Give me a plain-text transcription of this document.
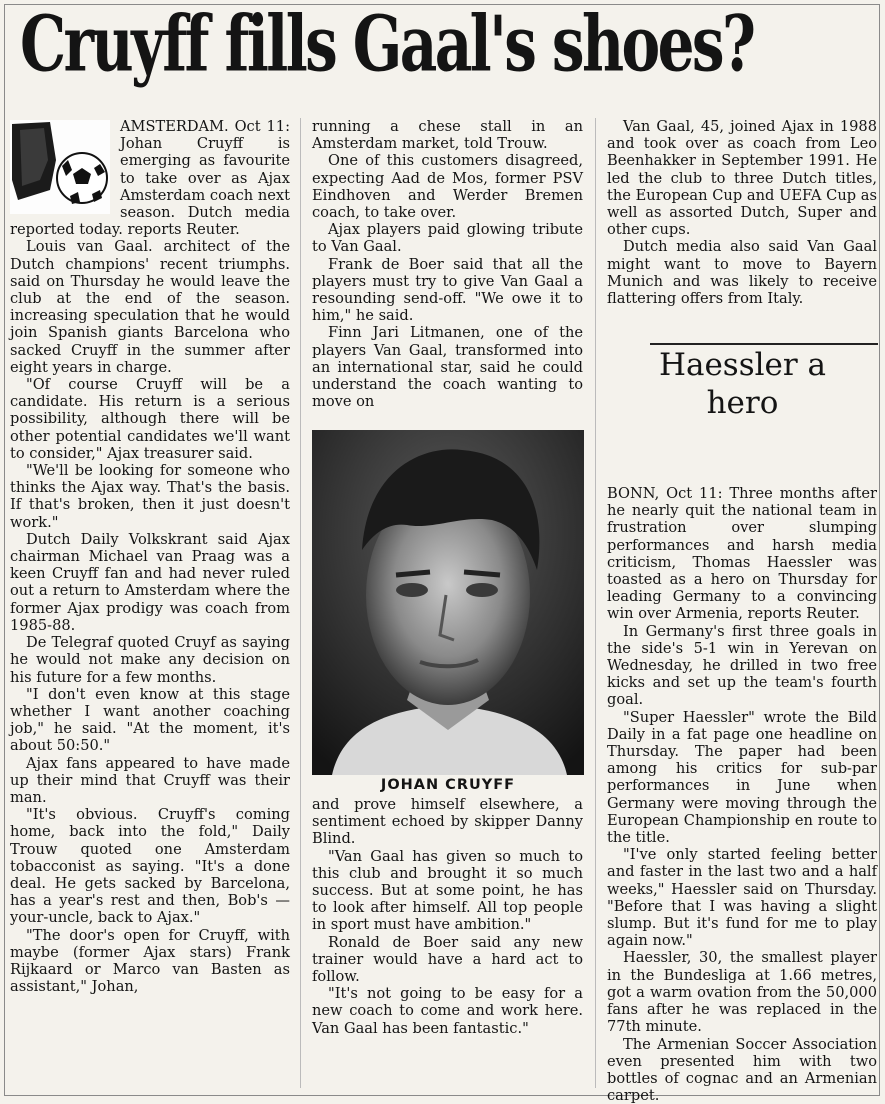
Cruyff fills Gaal's shoes?

AMSTERDAM. Oct 11: Johan Cruyff is emerging as favourite to take over as Ajax Amsterdam coach next season. Dutch media reported today. reports Reuter.

Louis van Gaal. architect of the Dutch champions' recent triumphs. said on Thursday he would leave the club at the end of the season. increasing speculation that he would join Spanish giants Barcelona who sacked Cruyff in the summer after eight years in charge.

"Of course Cruyff will be a candidate. His return is a serious possibility, although there will be other potential candidates we'll want to consider," Ajax treasurer said.

"We'll be looking for someone who thinks the Ajax way. That's the basis. If that's broken, then it just doesn't work."

Dutch Daily Volkskrant said Ajax chairman Michael van Praag was a keen Cruyff fan and had never ruled out a return to Amsterdam where the former Ajax prodigy was coach from 1985-88.

De Telegraf quoted Cruyf as saying he would not make any decision on his future for a few months.

"I don't even know at this stage whether I want another coaching job," he said. "At the moment, it's about 50:50."

Ajax fans appeared to have made up their mind that Cruyff was their man.

"It's obvious. Cruyff's coming home, back into the fold," Daily Trouw quoted one Amsterdam tobacconist as saying. "It's a done deal. He gets sacked by Barcelona, has a year's rest and then, Bob's — your-uncle, back to Ajax."

"The door's open for Cruyff, with maybe (former Ajax stars) Frank Rijkaard or Marco van Basten as assistant," Johan,

running a chese stall in an Amsterdam market, told Trouw.

One of this customers disagreed, expecting Aad de Mos, former PSV Eindhoven and Werder Bremen coach, to take over.

Ajax players paid glowing tribute to Van Gaal.

Frank de Boer said that all the players must try to give Van Gaal a resounding send-off. "We owe it to him," he said.

Finn Jari Litmanen, one of the players Van Gaal, transformed into an international star, said he could understand the coach wanting to move on

JOHAN CRUYFF

and prove himself elsewhere, a sentiment echoed by skipper Danny Blind.

"Van Gaal has given so much to this club and brought it so much success. But at some point, he has to look after himself. All top people in sport must have ambition."

Ronald de Boer said any new trainer would have a hard act to follow.

"It's not going to be easy for a new coach to come and work here. Van Gaal has been fantastic."

Van Gaal, 45, joined Ajax in 1988 and took over as coach from Leo Beenhakker in September 1991. He led the club to three Dutch titles, the European Cup and UEFA Cup as well as assorted Dutch, Super and other cups.

Dutch media also said Van Gaal might want to move to Bayern Munich and was likely to receive flattering offers from Italy.

Haessler a hero

BONN, Oct 11: Three months after he nearly quit the national team in frustration over slumping performances and harsh media criticism, Thomas Haessler was toasted as a hero on Thursday for leading Germany to a convincing win over Armenia, reports Reuter.

In Germany's first three goals in the side's 5-1 win in Yerevan on Wednesday, he drilled in two free kicks and set up the team's fourth goal.

"Super Haessler" wrote the Bild Daily in a fat page one headline on Thursday. The paper had been among his critics for sub-par performances in June when Germany were moving through the European Championship en route to the title.

"I've only started feeling better and faster in the last two and a half weeks," Haessler said on Thursday. "Before that I was having a slight slump. But it's fund for me to play again now."

Haessler, 30, the smallest player in the Bundesliga at 1.66 metres, got a warm ovation from the 50,000 fans after he was replaced in the 77th minute.

The Armenian Soccer Association even presented him with two bottles of cognac and an Armenian carpet.
